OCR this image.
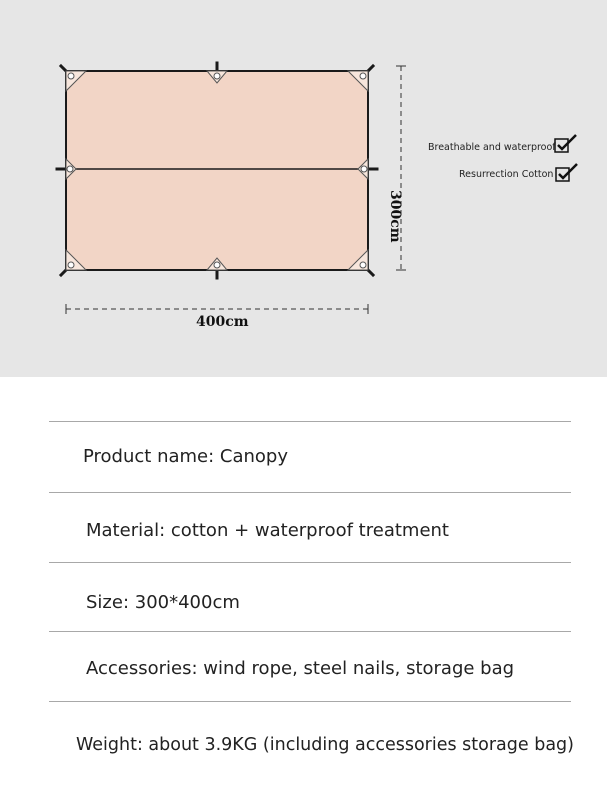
400cm
300cm
Breathable and waterproof
Resurrection Cotton
Product name: Canopy
Material: cotton + waterproof treatment
Size: 300*400cm
Accessories: wind rope, steel nails, storage bag
Weight: about 3.9KG (including accessories storage bag)
